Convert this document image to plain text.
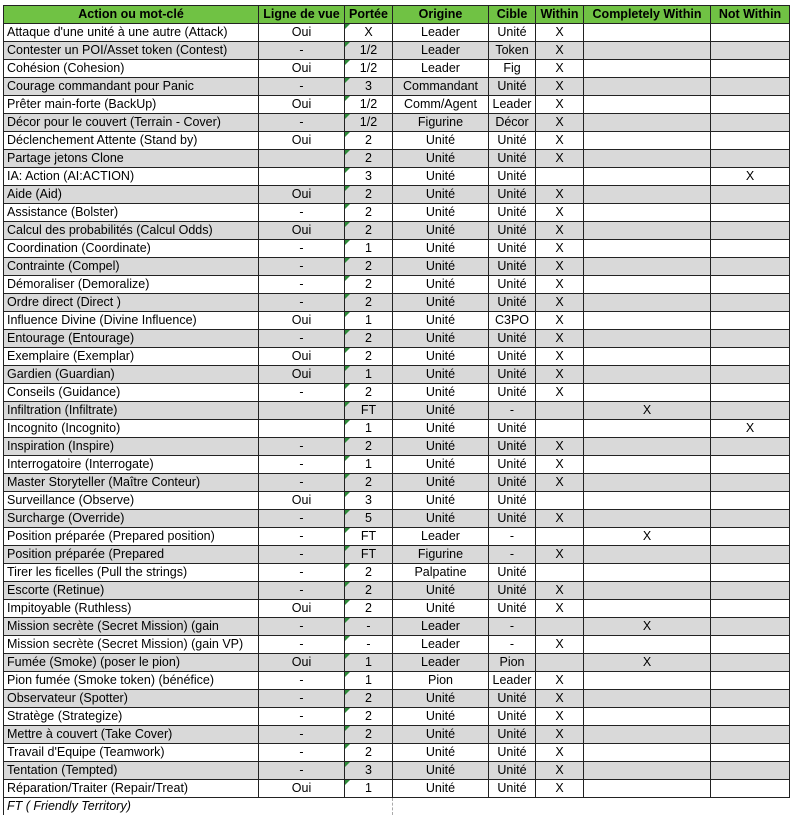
Action ou mot-clé	Ligne de vue	Portée	Origine	Cible	Within	Completely Within	Not Within
Attaque d'une unité à une autre (Attack)	Oui	X	Leader	Unité	X		
Contester un POI/Asset token (Contest)	-	1/2	Leader	Token	X		
Cohésion (Cohesion)	Oui	1/2	Leader	Fig	X		
Courage commandant pour Panic	-	3	Commandant	Unité	X		
Prêter main-forte (BackUp)	Oui	1/2	Comm/Agent	Leader	X		
Décor pour le couvert (Terrain - Cover)	-	1/2	Figurine	Décor	X		
Déclenchement Attente (Stand by)	Oui	2	Unité	Unité	X		
Partage jetons Clone		2	Unité	Unité	X		
IA: Action (AI:ACTION)		3	Unité	Unité			X
Aide (Aid)	Oui	2	Unité	Unité	X		
Assistance (Bolster)	-	2	Unité	Unité	X		
Calcul des probabilités (Calcul Odds)	Oui	2	Unité	Unité	X		
Coordination (Coordinate)	-	1	Unité	Unité	X		
Contrainte (Compel)	-	2	Unité	Unité	X		
Démoraliser (Demoralize)	-	2	Unité	Unité	X		
Ordre direct (Direct )	-	2	Unité	Unité	X		
Influence Divine (Divine Influence)	Oui	1	Unité	C3PO	X		
Entourage (Entourage)	-	2	Unité	Unité	X		
Exemplaire (Exemplar)	Oui	2	Unité	Unité	X		
Gardien (Guardian)	Oui	1	Unité	Unité	X		
Conseils (Guidance)	-	2	Unité	Unité	X		
Infiltration (Infiltrate)		FT	Unité	-		X	
Incognito (Incognito)		1	Unité	Unité			X
Inspiration (Inspire)	-	2	Unité	Unité	X		
Interrogatoire (Interrogate)	-	1	Unité	Unité	X		
Master Storyteller (Maître Conteur)	-	2	Unité	Unité	X		
Surveillance (Observe)	Oui	3	Unité	Unité			
Surcharge (Override)	-	5	Unité	Unité	X		
Position préparée (Prepared position)	-	FT	Leader	-		X	
Position préparée (Prepared	-	FT	Figurine	-	X		
Tirer les ficelles (Pull the strings)	-	2	Palpatine	Unité			
Escorte (Retinue)	-	2	Unité	Unité	X		
Impitoyable (Ruthless)	Oui	2	Unité	Unité	X		
Mission secrète (Secret Mission) (gain	-	-	Leader	-		X	
Mission secrète (Secret Mission) (gain VP)	-	-	Leader	-	X		
Fumée (Smoke) (poser le pion)	Oui	1	Leader	Pion		X	
Pion fumée (Smoke token) (bénéfice)	-	1	Pion	Leader	X		
Observateur (Spotter)	-	2	Unité	Unité	X		
Stratège (Strategize)	-	2	Unité	Unité	X		
Mettre à couvert (Take Cover)	-	2	Unité	Unité	X		
Travail d'Equipe (Teamwork)	-	2	Unité	Unité	X		
Tentation (Tempted)	-	3	Unité	Unité	X		
Réparation/Traiter (Repair/Treat)	Oui	1	Unité	Unité	X		
FT ( Friendly Territory)							
